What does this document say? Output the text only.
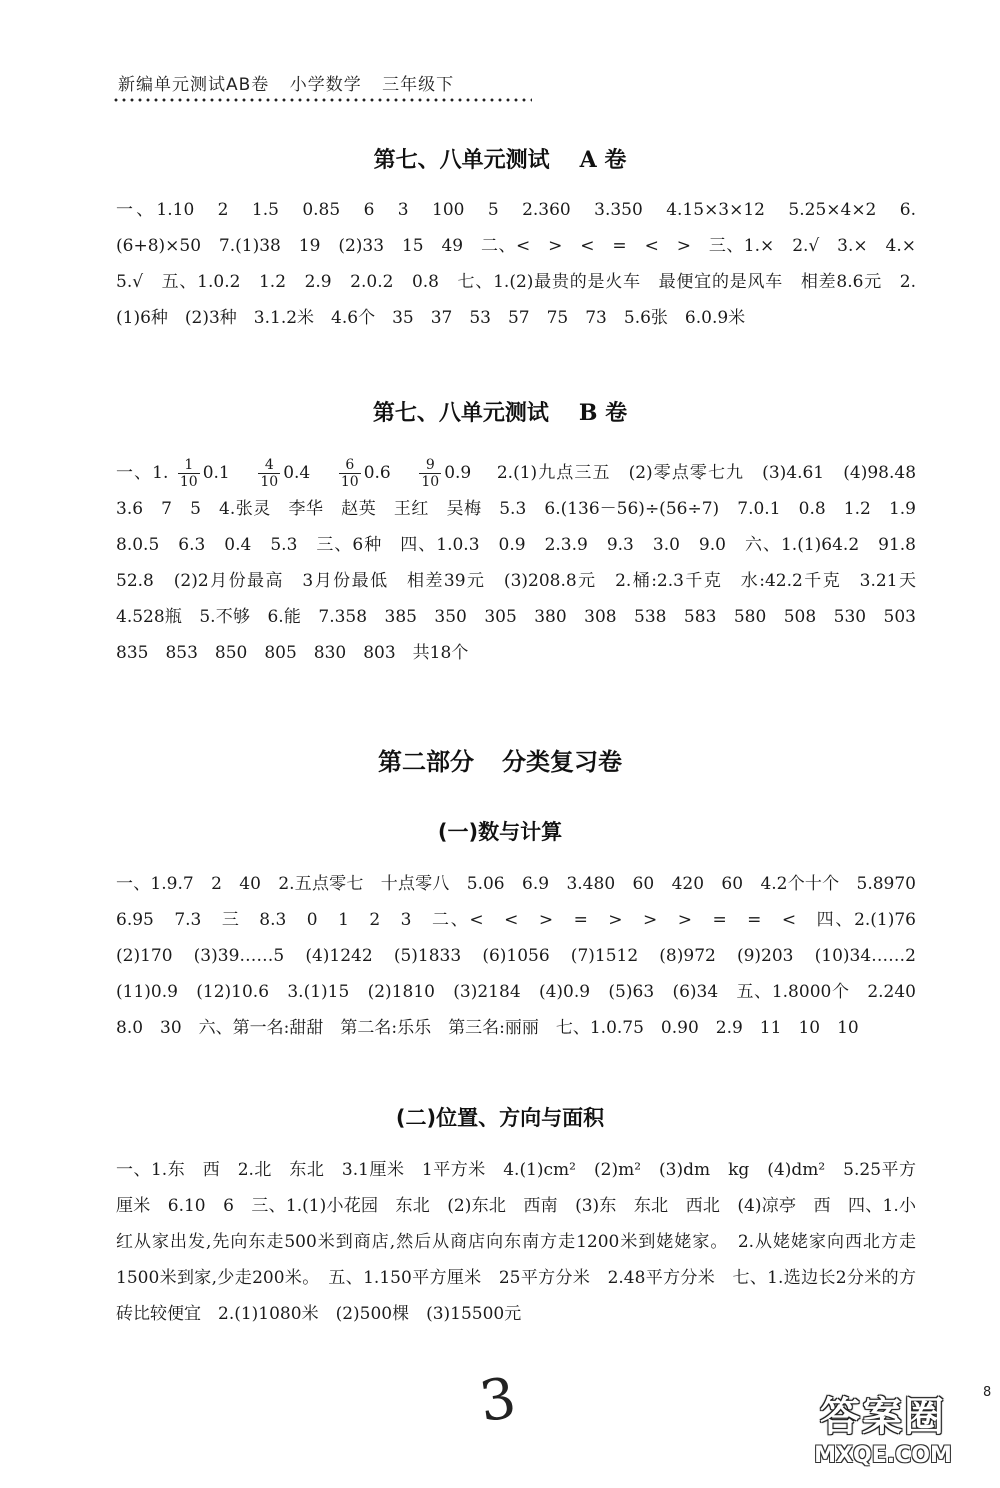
新编单元测试AB卷 小学数学 三年级下
第七、八单元测试 A 卷
一、1.10　2　1.5　0.85　6　3　100　5　2.360　3.350　4.15×3×12　5.25×4×2　6.(6+8)×50　7.(1)38　19　(2)33　15　49　二、<　>　<　=　<　>　三、1.×　2.√　3.×　4.×　5.√　五、1.0.2　1.2　2.9　2.0.2　0.8　七、1.(2)最贵的是火车　最便宜的是风车　相差8.6元　2.(1)6种　(2)3种　3.1.2米　4.6个　35　37　53　57　75　73　5.6张　6.0.9米
第七、八单元测试 B 卷
一、1. $\frac{1}{10} 0.1$　 $\frac{4}{10} 0.4$　 $\frac{6}{10} 0.6$　 $\frac{9}{10} 0.9$　 2.(1)九点三五　(2)零点零七九　(3)4.61　(4)98.48　3.6　7　5　4.张灵　李华　赵英　王红　吴梅　5.3　6.(136－56)÷(56÷7)　7.0.1　0.8　1.2　1.9　8.0.5　6.3　0.4　5.3　三、6种　四、1.0.3　0.9　2.3.9　9.3　3.0　9.0　六、1.(1)64.2　91.8　52.8　(2)2月份最高　3月份最低　相差39元　(3)208.8元　2.桶:2.3千克　水:42.2千克　3.21天　4.528瓶　5.不够　6.能　7.358　385　350　305　380　308　538　583　580　508　530　503　835　853　850　805　830　803　共18个
第二部分 分类复习卷
(一)数与计算
一、1.9.7　2　40　2.五点零七　十点零八　5.06　6.9　3.480　60　420　60　4.2个十个　5.8970　6.95　7.3　三　8.3　0　1　2　3　二、<　<　>　=　>　>　>　=　=　<　四、2.(1)76　(2)170　(3)39……5　(4)1242　(5)1833　(6)1056　(7)1512　(8)972　(9)203　(10)34……2　(11)0.9　(12)10.6　3.(1)15　(2)1810　(3)2184　(4)0.9　(5)63　(6)34　五、1.8000个　2.240　8.0　30　六、第一名:甜甜　第二名:乐乐　第三名:丽丽　七、1.0.75　0.90　2.9　11　10　10
(二)位置、方向与面积
一、1.东　西　2.北　东北　3.1厘米　1平方米　4.(1)cm²　(2)m²　(3)dm　kg　(4)dm²　5.25平方厘米　6.10　6　三、1.(1)小花园　东北　(2)东北　西南　(3)东　东北　西北　(4)凉亭　西　四、1.小红从家出发,先向东走500米到商店,然后从商店向东南方走1200米到姥姥家。　2.从姥姥家向西北方走1500米到家,少走200米。　五、1.150平方厘米　25平方分米　2.48平方分米　七、1.选边长2分米的方砖比较便宜　2.(1)1080米　(2)500棵　(3)15500元
3	答案圈
MXQE.COM
8
